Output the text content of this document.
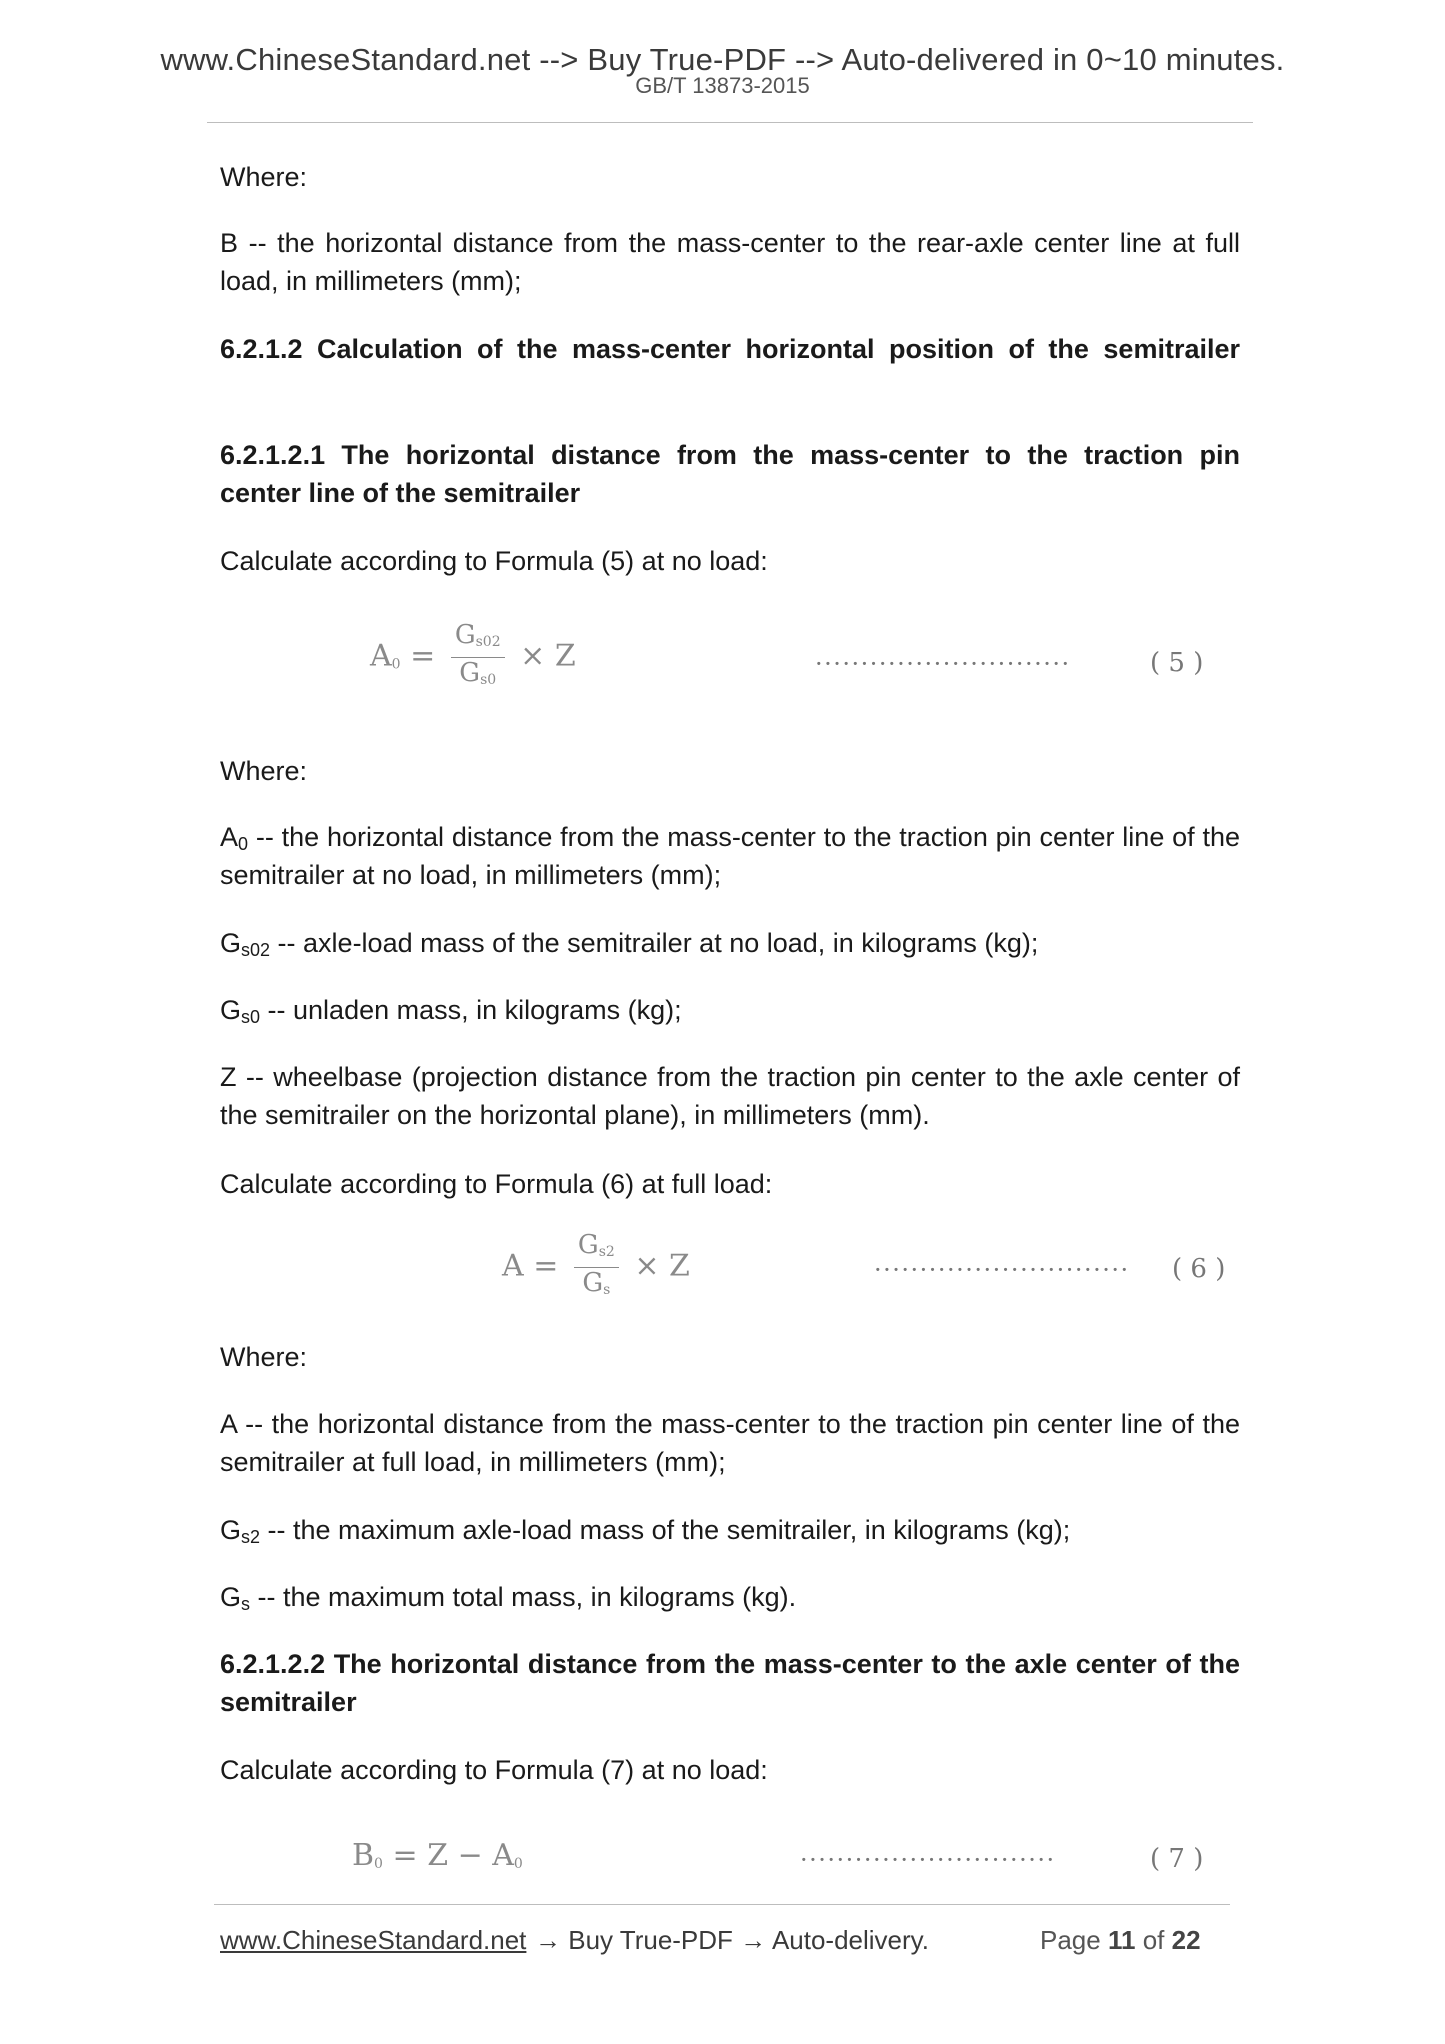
www.ChineseStandard.net --> Buy True-PDF --> Auto-delivered in 0~10 minutes.
GB/T 13873-2015
Where:
B -- the horizontal distance from the mass-center to the rear-axle center line at full load, in millimeters (mm);
6.2.1.2 Calculation of the mass-center horizontal position of the semitrailer
6.2.1.2.1 The horizontal distance from the mass-center to the traction pin center line of the semitrailer
Calculate according to Formula (5) at no load:
$A0 = \frac{Gs02}{Gs0} \times Z$	····························	( 5 )
Where:
$A_0$ -- the horizontal distance from the mass-center to the traction pin center line of the semitrailer at no load, in millimeters (mm);
$G_{s02}$ -- axle-load mass of the semitrailer at no load, in kilograms (kg);
$G_{s0}$ -- unladen mass, in kilograms (kg);
Z -- wheelbase (projection distance from the traction pin center to the axle center of the semitrailer on the horizontal plane), in millimeters (mm).
Calculate according to Formula (6) at full load:
$A = \frac{Gs2}{Gs} \times Z$	···························· ( 6 )
Where:
A -- the horizontal distance from the mass-center to the traction pin center line of the semitrailer at full load, in millimeters (mm);
$G_{s2}$ -- the maximum axle-load mass of the semitrailer, in kilograms (kg);
$G_s$ -- the maximum total mass, in kilograms (kg).
6.2.1.2.2 The horizontal distance from the mass-center to the axle center of the semitrailer
Calculate according to Formula (7) at no load:
B0 = Z − A0	····························	( 7 )
www.ChineseStandard.net → Buy True-PDF → Auto-delivery.	Page 11 of 22
